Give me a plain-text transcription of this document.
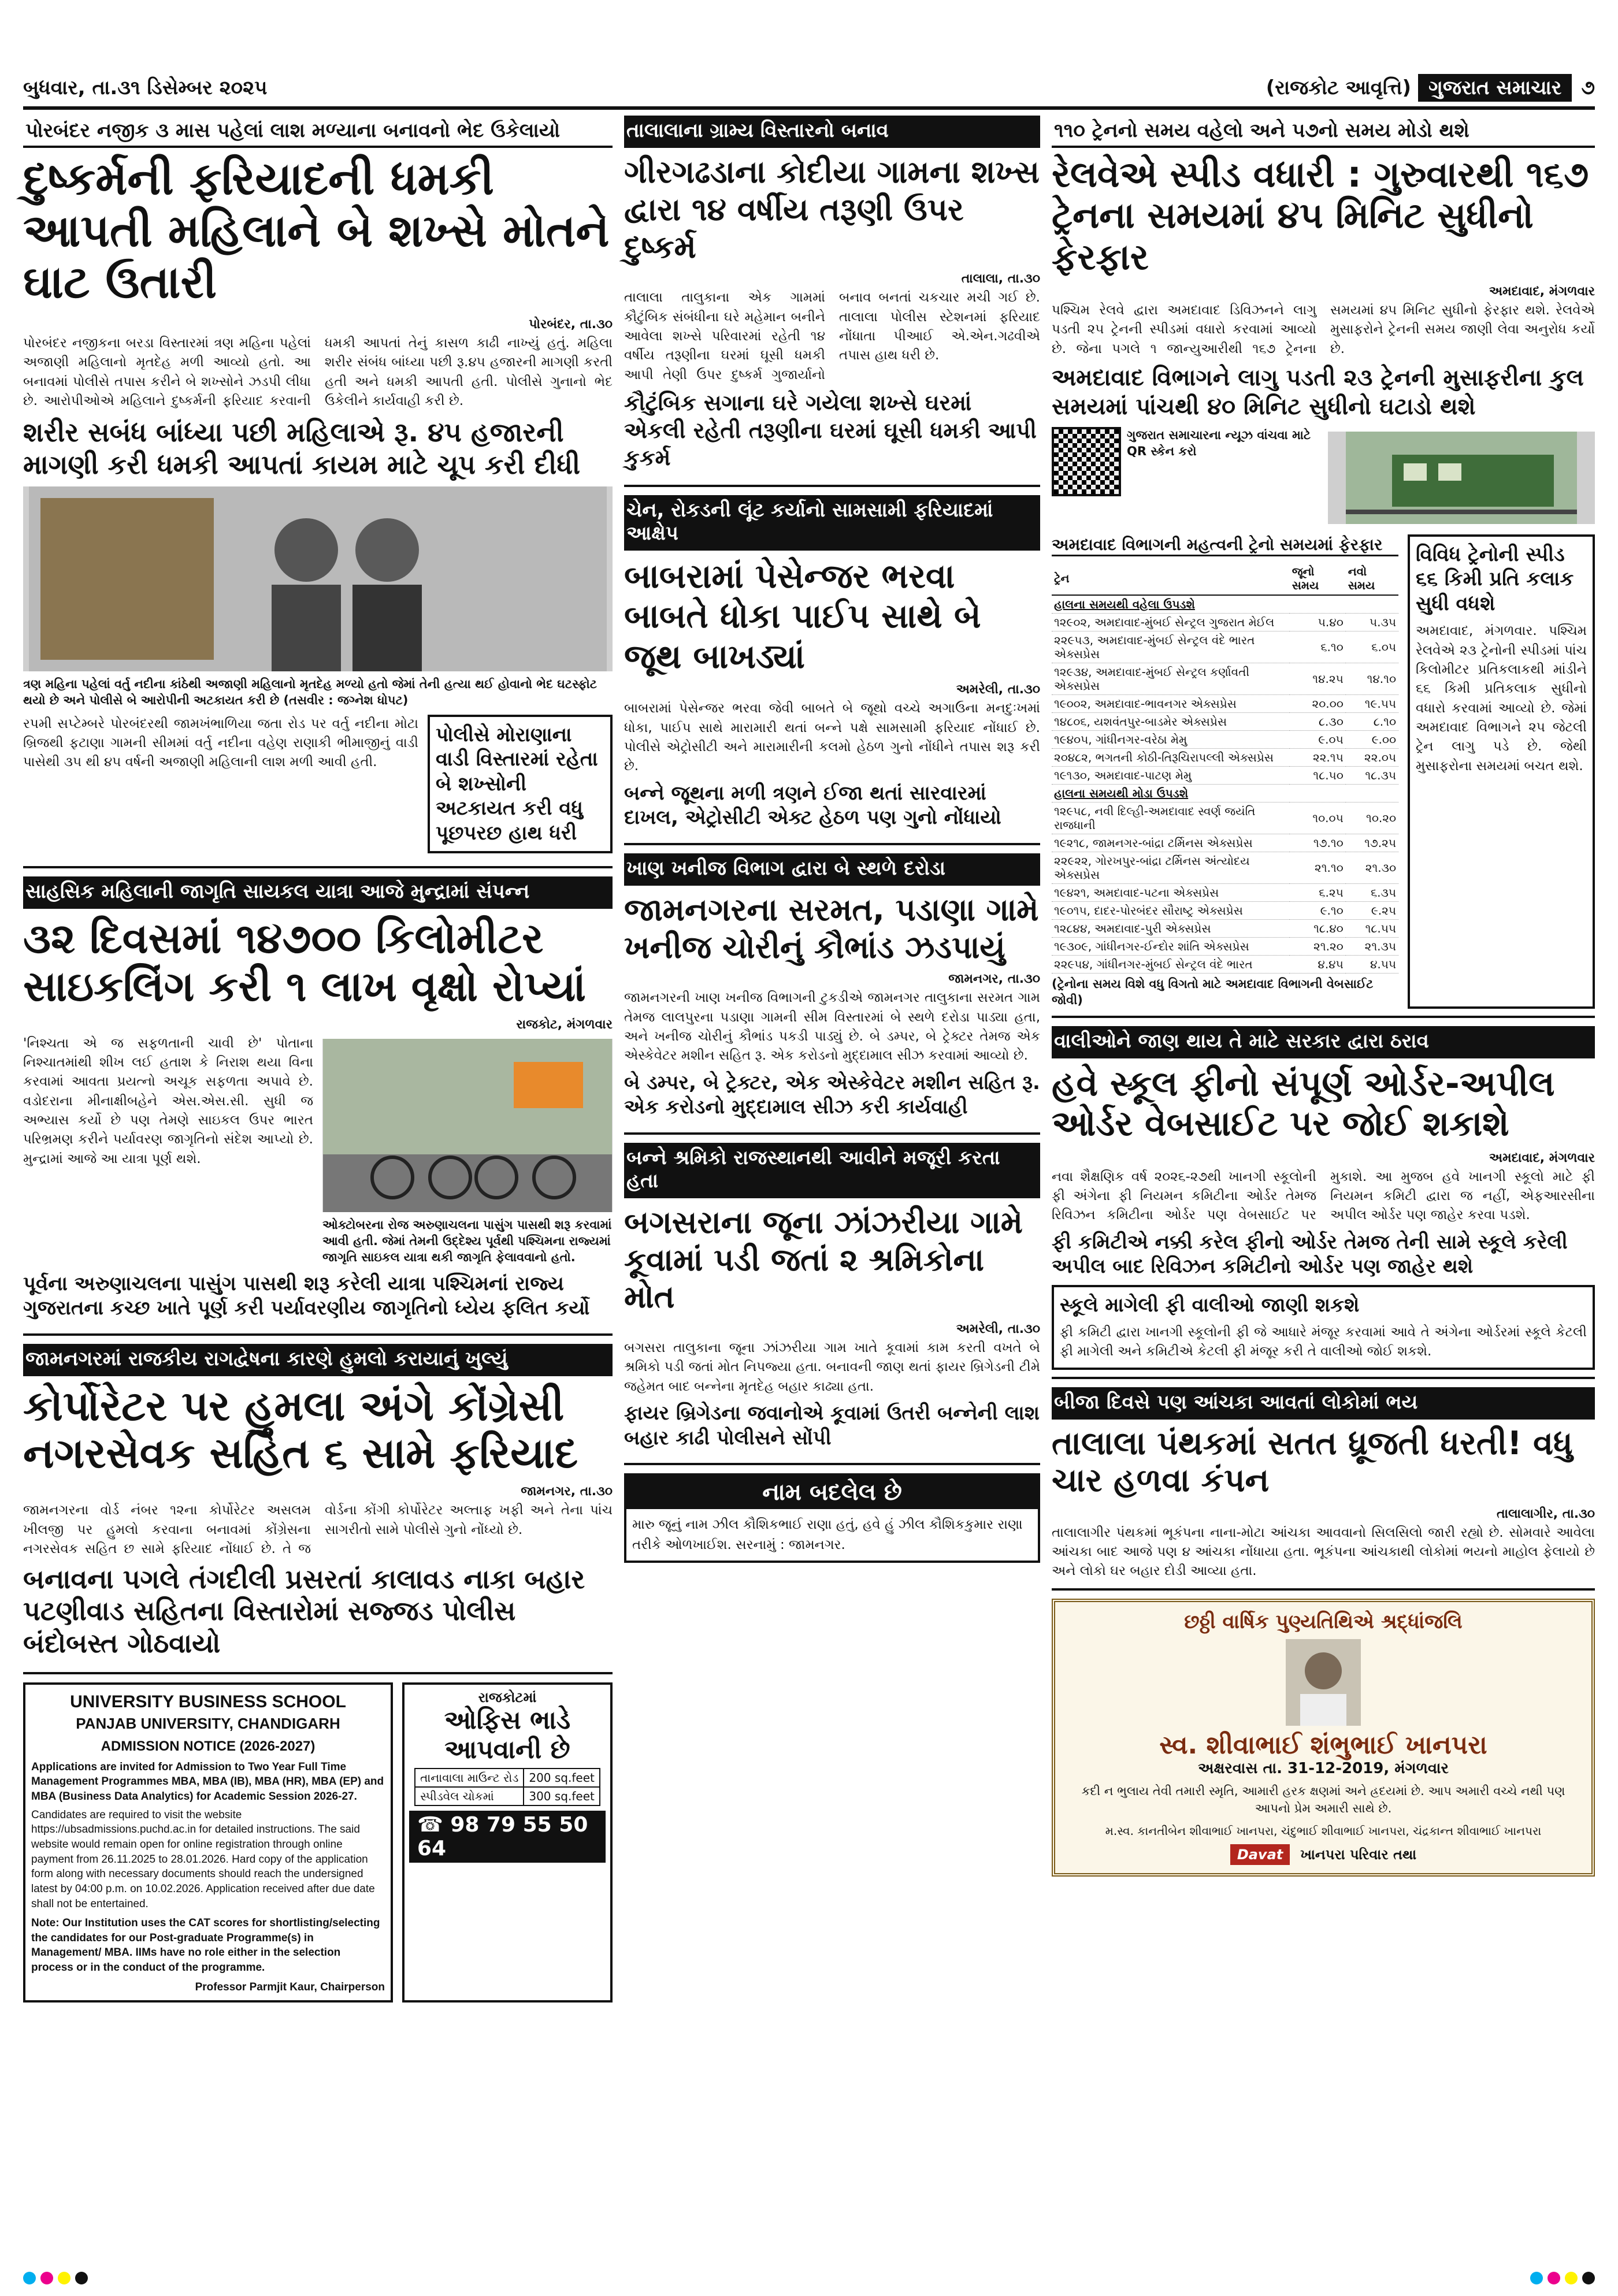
બુધવાર, તા.૩૧ ડિસેમ્બર ૨૦૨૫	(રાજકોટ આવૃત્તિ) ગુજરાત સમાચાર	૭
પોરબંદર નજીક ૩ માસ પહેલાં લાશ મળ્યાના બનાવનો ભેદ ઉકેલાયો
દુષ્કર્મની ફરિયાદની ધમકી આપતી મહિલાને બે શખ્સે મોતને ઘાટ ઉતારી
પોરબંદર, તા.૩૦
પોરબંદર નજીકના બરડા વિસ્તારમાં ત્રણ મહિના પહેલાં અજાણી મહિલાનો મૃતદેહ મળી આવ્યો હતો. આ બનાવમાં પોલીસે તપાસ કરીને બે શખ્સોને ઝડપી લીધા છે. આરોપીઓએ મહિલાને દુષ્કર્મની ફરિયાદ કરવાની ધમકી આપતાં તેનું કાસળ કાઢી નાખ્યું હતું. મહિલા શરીર સંબંધ બાંધ્યા પછી રૂ.૪૫ હજારની માગણી કરતી હતી અને ધમકી આપતી હતી. પોલીસે ગુનાનો ભેદ ઉકેલીને કાર્યવાહી કરી છે.
શરીર સબંધ બાંધ્યા પછી મહિલાએ રૂ. ૪૫ હજારની માગણી કરી ધમકી આપતાં કાયમ માટે ચૂપ કરી દીધી
ત્રણ મહિના પહેલાં વર્તુ નદીના કાંઠેથી અજાણી મહિલાનો મૃતદેહ મળ્યો હતો જેમાં તેની હત્યા થઈ હોવાનો ભેદ ઘટસ્ફોટ થયો છે અને પોલીસે બે આરોપીની અટકાયત કરી છે (તસવીર : જગ્નેશ ધોપટ)
રપમી સપ્ટેમ્બરે પોરબંદરથી જામખંભાળિયા જતા રોડ પર વર્તુ નદીના મોટા બ્રિજથી ફટાણા ગામની સીમમાં વર્તુ નદીના વહેણ રાણાકી ભીમાજીનું વાડી પાસેથી ૩૫ થી ૪૫ વર્ષની અજાણી મહિલાની લાશ મળી આવી હતી.
પોલીસે મોરાણાના વાડી વિસ્તારમાં રહેતા બે શખ્સોની અટકાયત કરી વધુ પૂછપરછ હાથ ધરી
સાહસિક મહિલાની જાગૃતિ સાયકલ યાત્રા આજે મુન્દ્રામાં સંપન્ન
૩૨ દિવસમાં ૧૪૭૦૦ કિલોમીટર સાઇકલિંગ કરી ૧ લાખ વૃક્ષો રોપ્યાં
રાજકોટ, મંગળવાર
'નિશ્ચતા એ જ સફળતાની ચાવી છે' પોતાના નિશ્ચાતમાંથી શીખ લઈ હતાશ કે નિરાશ થયા વિના કરવામાં આવતા પ્રયત્નો અચૂક સફળતા અપાવે છે. વડોદરાના મીનાક્ષીબહેને એસ.એસ.સી. સુધી જ અભ્યાસ કર્યો છે પણ તેમણે સાઇકલ ઉપર ભારત પરિભ્રમણ કરીને પર્યાવરણ જાગૃતિનો સંદેશ આપ્યો છે. મુન્દ્રામાં આજે આ યાત્રા પૂર્ણ થશે.
ઓક્ટોબરના રોજ અરુણાચલના પાસુંગ પાસથી શરૂ કરવામાં આવી હતી. જેમાં તેમની ઉદ્દેશ્ય પૂર્વથી પશ્ચિમના રાજ્યમાં જાગૃતિ સાઇકલ યાત્રા થકી જાગૃતિ ફેલાવવાનો હતો.
પૂર્વના અરુણાચલના પાસુંગ પાસથી શરૂ કરેલી યાત્રા પશ્ચિમનાં રાજ્ય ગુજરાતના કચ્છ ખાતે પૂર્ણ કરી પર્યાવરણીય જાગૃતિનો ધ્યેય ફલિત કર્યો
જામનગરમાં રાજકીય રાગદ્વેષના કારણે હુમલો કરાયાનું ખુલ્યું
કોર્પોરેટર પર હુમલા અંગે કોંગ્રેસી નગરસેવક સહિત ૬ સામે ફરિયાદ
જામનગર, તા.૩૦
જામનગરના વોર્ડ નંબર ૧૨ના કોર્પોરેટર અસલમ ખીલજી પર હુમલો કરવાના બનાવમાં કોંગ્રેસના નગરસેવક સહિત છ સામે ફરિયાદ નોંધાઈ છે. તે જ વોર્ડના કોંગી કોર્પોરેટર અલ્તાફ ખફી અને તેના પાંચ સાગરીતો સામે પોલીસે ગુનો નોંધ્યો છે.
બનાવના પગલે તંગદીલી પ્રસરતાં કાલાવડ નાકા બહાર પટણીવાડ સહિતના વિસ્તારોમાં સજ્જડ પોલીસ બંદોબસ્ત ગોઠવાયો
UNIVERSITY BUSINESS SCHOOL
PANJAB UNIVERSITY, CHANDIGARH
ADMISSION NOTICE (2026-2027)
Applications are invited for Admission to Two Year Full Time Management Programmes MBA, MBA (IB), MBA (HR), MBA (EP) and MBA (Business Data Analytics) for Academic Session 2026-27.
Candidates are required to visit the website https://ubsadmissions.puchd.ac.in for detailed instructions. The said website would remain open for online registration through online payment from 26.11.2025 to 28.01.2026. Hard copy of the application form along with necessary documents should reach the undersigned latest by 04:00 p.m. on 10.02.2026. Application received after due date shall not be entertained.
Note: Our Institution uses the CAT scores for shortlisting/selecting the candidates for our Post-graduate Programme(s) in Management/ MBA. IIMs have no role either in the selection process or in the conduct of the programme.
Professor Parmjit Kaur, Chairperson
રાજકોટમાં
ઓફિસ ભાડે આપવાની છે
તાનાવાલા માઉન્ટ રોડ	200 sq.feet
સ્પીડવેલ ચોકમાં	300 sq.feet
☎ 98 79 55 50 64
તાલાલાના ગ્રામ્ય વિસ્તારનો બનાવ
ગીરગઢડાના કોદીયા ગામના શખ્સ દ્વારા ૧૪ વર્ષીય તરૂણી ઉપર દુષ્કર્મ
તાલાલા, તા.૩૦
તાલાલા તાલુકાના એક ગામમાં કૌટુંબિક સંબંધીના ઘરે મહેમાન બનીને આવેલા શખ્સે પરિવારમાં રહેતી ૧૪ વર્ષીય તરૂણીના ઘરમાં ઘૂસી ધમકી આપી તેણી ઉપર દુષ્કર્મ ગુજાર્યાનો બનાવ બનતાં ચકચાર મચી ગઈ છે. તાલાલા પોલીસ સ્ટેશનમાં ફરિયાદ નોંધાતા પીઆઈ એ.એન.ગઢવીએ તપાસ હાથ ધરી છે.
કૌટુંબિક સગાના ઘરે ગયેલા શખ્સે ઘરમાં એકલી રહેતી તરૂણીના ઘરમાં ઘૂસી ધમકી આપી કુકર્મ
ચેન, રોકડની લૂંટ કર્યાનો સામસામી ફરિયાદમાં આક્ષેપ
બાબરામાં પેસેન્જર ભરવા બાબતે ધોકા પાઈપ સાથે બે જૂથ બાખડ્યાં
અમરેલી, તા.૩૦
બાબરામાં પેસેન્જર ભરવા જેવી બાબતે બે જૂથો વચ્ચે અગાઉના મનદુઃખમાં ધોકા, પાઈપ સાથે મારામારી થતાં બન્ને પક્ષે સામસામી ફરિયાદ નોંધાઈ છે. પોલીસે એટ્રોસીટી અને મારામારીની કલમો હેઠળ ગુનો નોંધીને તપાસ શરૂ કરી છે.
બન્ને જૂથના મળી ત્રણને ઈજા થતાં સારવારમાં દાખલ, એટ્રોસીટી એક્ટ હેઠળ પણ ગુનો નોંધાયો
ખાણ ખનીજ વિભાગ દ્વારા બે સ્થળે દરોડા
જામનગરના સરમત, પડાણા ગામે ખનીજ ચોરીનું કૌભાંડ ઝડપાયું
જામનગર, તા.૩૦
જામનગરની ખાણ ખનીજ વિભાગની ટુકડીએ જામનગર તાલુકાના સરમત ગામ તેમજ લાલપુરના પડાણા ગામની સીમ વિસ્તારમાં બે સ્થળે દરોડા પાડ્યા હતા, અને ખનીજ ચોરીનું કૌભાંડ પકડી પાડ્યું છે. બે ડમ્પર, બે ટ્રેક્ટર તેમજ એક એસ્કેવેટર મશીન સહિત રૂ. એક કરોડનો મુદ્દામાલ સીઝ કરવામાં આવ્યો છે.
બે ડમ્પર, બે ટ્રેક્ટર, એક એસ્કેવેટર મશીન સહિત રૂ. એક કરોડનો મુદ્દામાલ સીઝ કરી કાર્યવાહી
બન્ને શ્રમિકો રાજસ્થાનથી આવીને મજૂરી કરતા હતા
બગસરાના જૂના ઝાંઝરીયા ગામે કૂવામાં પડી જતાં ૨ શ્રમિકોના મોત
અમરેલી, તા.૩૦
બગસરા તાલુકાના જૂના ઝાંઝરીયા ગામ ખાતે કૂવામાં કામ કરતી વખતે બે શ્રમિકો પડી જતાં મોત નિપજ્યા હતા. બનાવની જાણ થતાં ફાયર બ્રિગેડની ટીમે જહેમત બાદ બન્નેના મૃતદેહ બહાર કાઢ્યા હતા.
ફાયર બ્રિગેડના જવાનોએ કૂવામાં ઉતરી બન્નેની લાશ બહાર કાઢી પોલીસને સોંપી
નામ બદલેલ છે
મારુ જૂનું નામ ઝીલ કૌશિકભાઈ રાણા હતું, હવે હું ઝીલ કૌશિકકુમાર રાણા તરીકે ઓળખાઈશ. સરનામું : જામનગર.
૧૧૦ ટ્રેનનો સમય વહેલો અને ૫૭નો સમય મોડો થશે
રેલવેએ સ્પીડ વધારી : ગુરુવારથી ૧૬૭ ટ્રેનના સમયમાં ૪૫ મિનિટ સુધીનો ફેરફાર
અમદાવાદ, મંગળવાર
પશ્ચિમ રેલવે દ્વારા અમદાવાદ ડિવિઝનને લાગુ પડતી ૨૫ ટ્રેનની સ્પીડમાં વધારો કરવામાં આવ્યો છે. જેના પગલે ૧ જાન્યુઆરીથી ૧૬૭ ટ્રેનના સમયમાં ૪૫ મિનિટ સુધીનો ફેરફાર થશે. રેલવેએ મુસાફરોને ટ્રેનની સમય જાણી લેવા અનુરોધ કર્યો છે.
અમદાવાદ વિભાગને લાગુ પડતી ૨૩ ટ્રેનની મુસાફરીના કુલ સમયમાં પાંચથી ૪૦ મિનિટ સુધીનો ઘટાડો થશે
ગુજરાત સમાચારના ન્યૂઝ વાંચવા માટે QR સ્કેન કરો
અમદાવાદ વિભાગની મહત્વની ટ્રેનો સમયમાં ફેરફાર
ટ્રેન	જૂનો સમય	નવો સમય
હાલના સમયથી વહેલા ઉપડશે		
૧૨૯૦૨, અમદાવાદ-મુંબઈ સેન્ટ્રલ ગુજરાત મેઈલ	૫.૪૦	૫.૩૫
૨૨૯૫૩, અમદાવાદ-મુંબઈ સેન્ટ્રલ વંદે ભારત એક્સપ્રેસ	૬.૧૦	૬.૦૫
૧૨૯૩૪, અમદાવાદ-મુંબઈ સેન્ટ્રલ કર્ણાવતી એક્સપ્રેસ	૧૪.૨૫	૧૪.૧૦
૧૯૦૦૨, અમદાવાદ-ભાવનગર એક્સપ્રેસ	૨૦.૦૦	૧૯.૫૫
૧૪૮૦૬, યશવંતપુર-બાડમેર એક્સપ્રેસ	૮.૩૦	૮.૧૦
૧૯૪૦૫, ગાંધીનગર-વરેઠા મેમુ	૯.૦૫	૯.૦૦
૨૦૪૮૨, ભગતની કોઠી-તિરૂચિરાપલ્લી એક્સપ્રેસ	૨૨.૧૫	૨૨.૦૫
૧૯૧૩૦, અમદાવાદ-પાટણ મેમુ	૧૮.૫૦	૧૮.૩૫
હાલના સમયથી મોડા ઉપડશે		
૧૨૯૫૮, નવી દિલ્હી-અમદાવાદ સ્વર્ણ જયંતિ રાજધાની	૧૦.૦૫	૧૦.૨૦
૧૯૨૧૮, જામનગર-બાંદ્રા ટર્મિનસ એક્સપ્રેસ	૧૭.૧૦	૧૭.૨૫
૨૨૯૨૨, ગોરખપુર-બાંદ્રા ટર્મિનસ અંત્યોદય એક્સપ્રેસ	૨૧.૧૦	૨૧.૩૦
૧૯૪૨૧, અમદાવાદ-પટના એક્સપ્રેસ	૬.૨૫	૬.૩૫
૧૯૦૧૫, દાદર-પોરબંદર સૌરાષ્ટ્ર એક્સપ્રેસ	૯.૧૦	૯.૨૫
૧૨૮૪૪, અમદાવાદ-પુરી એક્સપ્રેસ	૧૮.૪૦	૧૮.૫૫
૧૯૩૦૯, ગાંધીનગર-ઈન્દોર શાંતિ એક્સપ્રેસ	૨૧.૨૦	૨૧.૩૫
૨૨૯૫૪, ગાંધીનગર-મુંબઈ સેન્ટ્રલ વંદે ભારત	૪.૪૫	૪.૫૫
(ટ્રેનોના સમય વિશે વધુ વિગતો માટે અમદાવાદ વિભાગની વેબસાઈટ જોવી)
વિવિધ ટ્રેનોની સ્પીડ ૬૬ કિમી પ્રતિ કલાક સુધી વધશે
અમદાવાદ, મંગળવાર. પશ્ચિમ રેલવેએ ૨૩ ટ્રેનોની સ્પીડમાં પાંચ કિલોમીટર પ્રતિકલાકથી માંડીને ૬૬ કિમી પ્રતિકલાક સુધીનો વધારો કરવામાં આવ્યો છે. જેમાં અમદાવાદ વિભાગને ૨૫ જેટલી ટ્રેન લાગુ પડે છે. જેથી મુસાફરોના સમયમાં બચત થશે.
વાલીઓને જાણ થાય તે માટે સરકાર દ્વારા ઠરાવ
હવે સ્કૂલ ફીનો સંપૂર્ણ ઓર્ડર-અપીલ ઓર્ડર વેબસાઈટ પર જોઈ શકાશે
અમદાવાદ, મંગળવાર
નવા શૈક્ષણિક વર્ષ ૨૦૨૬-૨૭થી ખાનગી સ્કૂલોની ફી અંગેના ફી નિયમન કમિટીના ઓર્ડર તેમજ રિવિઝન કમિટીના ઓર્ડર પણ વેબસાઈટ પર મુકાશે. આ મુજબ હવે ખાનગી સ્કૂલો માટે ફી નિયમન કમિટી દ્વારા જ નહીં, એફઆરસીના અપીલ ઓર્ડર પણ જાહેર કરવા પડશે.
ફી કમિટીએ નક્કી કરેલ ફીનો ઓર્ડર તેમજ તેની સામે સ્કૂલે કરેલી અપીલ બાદ રિવિઝન કમિટીનો ઓર્ડર પણ જાહેર થશે
સ્કૂલે માગેલી ફી વાલીઓ જાણી શકશે
ફી કમિટી દ્વારા ખાનગી સ્કૂલોની ફી જે આધારે મંજૂર કરવામાં આવે તે અંગેના ઓર્ડરમાં સ્કૂલે કેટલી ફી માગેલી અને કમિટીએ કેટલી ફી મંજૂર કરી તે વાલીઓ જોઈ શકશે.
બીજા દિવસે પણ આંચકા આવતાં લોકોમાં ભય
તાલાલા પંથકમાં સતત ધ્રૂજતી ધરતી! વધુ ચાર હળવા કંપન
તાલાલાગીર, તા.૩૦
તાલાલાગીર પંથકમાં ભૂકંપના નાના-મોટા આંચકા આવવાનો સિલસિલો જારી રહ્યો છે. સોમવારે આવેલા આંચકા બાદ આજે પણ ૪ આંચકા નોંધાયા હતા. ભૂકંપના આંચકાથી લોકોમાં ભયનો માહોલ ફેલાયો છે અને લોકો ઘર બહાર દોડી આવ્યા હતા.
છઠ્ઠી વાર્ષિક પુણ્યતિથિએ શ્રદ્ધાંજલિ
સ્વ. શીવાભાઈ શંભુભાઈ ખાનપરા
અક્ષરવાસ તા. 31-12-2019, મંગળવાર
કદી ન ભુલાય તેવી તમારી સ્મૃતિ, આમારી હરક ક્ષણમાં અને હ્રદયમાં છે. આપ અમારી વચ્ચે નથી પણ આપનો પ્રેમ અમારી સાથે છે.
મ.સ્વ. કાનતીબેન શીવાભાઈ ખાનપરા, ચંદુભાઈ શીવાભાઈ ખાનપરા, ચંદ્રકાન્ત શીવાભાઈ ખાનપરા
Davat	ખાનપરા પરિવાર તથા
